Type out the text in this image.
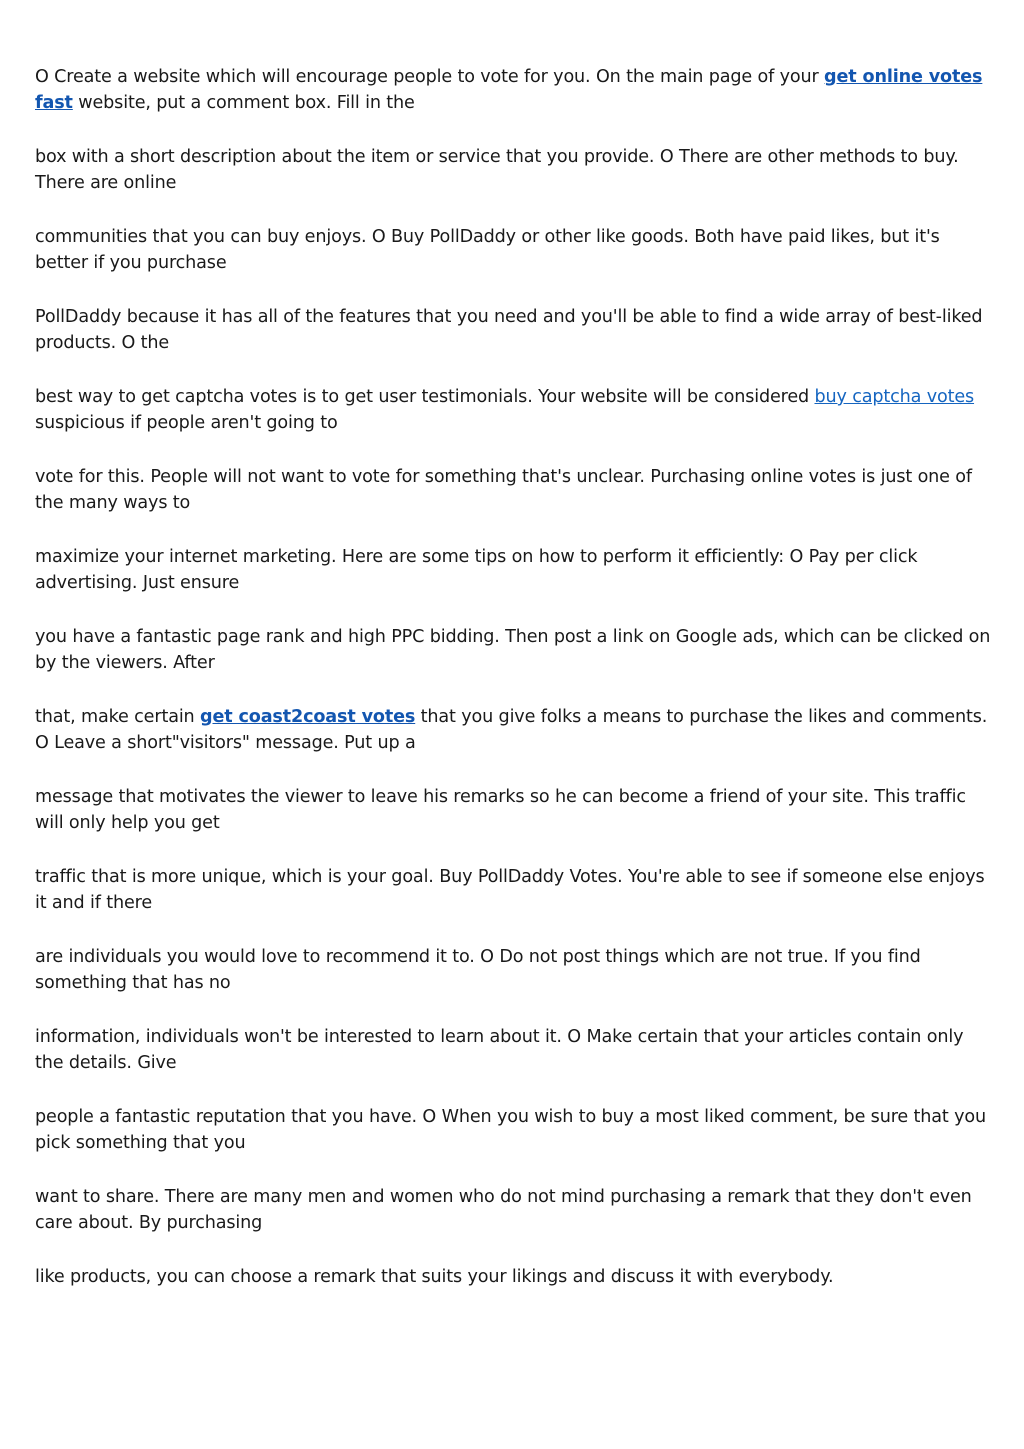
O Create a website which will encourage people to vote for you. On the main page of your get online votes fast website, put a comment box. Fill in the

box with a short description about the item or service that you provide. O There are other methods to buy. There are online

communities that you can buy enjoys. O Buy PollDaddy or other like goods. Both have paid likes, but it's better if you purchase

PollDaddy because it has all of the features that you need and you'll be able to find a wide array of best-liked products. O the

best way to get captcha votes is to get user testimonials. Your website will be considered buy captcha votes suspicious if people aren't going to

vote for this. People will not want to vote for something that's unclear. Purchasing online votes is just one of the many ways to

maximize your internet marketing. Here are some tips on how to perform it efficiently: O Pay per click advertising. Just ensure

you have a fantastic page rank and high PPC bidding. Then post a link on Google ads, which can be clicked on by the viewers. After

that, make certain get coast2coast votes that you give folks a means to purchase the likes and comments. O Leave a short"visitors" message. Put up a

message that motivates the viewer to leave his remarks so he can become a friend of your site. This traffic will only help you get

traffic that is more unique, which is your goal. Buy PollDaddy Votes. You're able to see if someone else enjoys it and if there

are individuals you would love to recommend it to. O Do not post things which are not true. If you find something that has no

information, individuals won't be interested to learn about it. O Make certain that your articles contain only the details. Give

people a fantastic reputation that you have. O When you wish to buy a most liked comment, be sure that you pick something that you

want to share. There are many men and women who do not mind purchasing a remark that they don't even care about. By purchasing

like products, you can choose a remark that suits your likings and discuss it with everybody.
